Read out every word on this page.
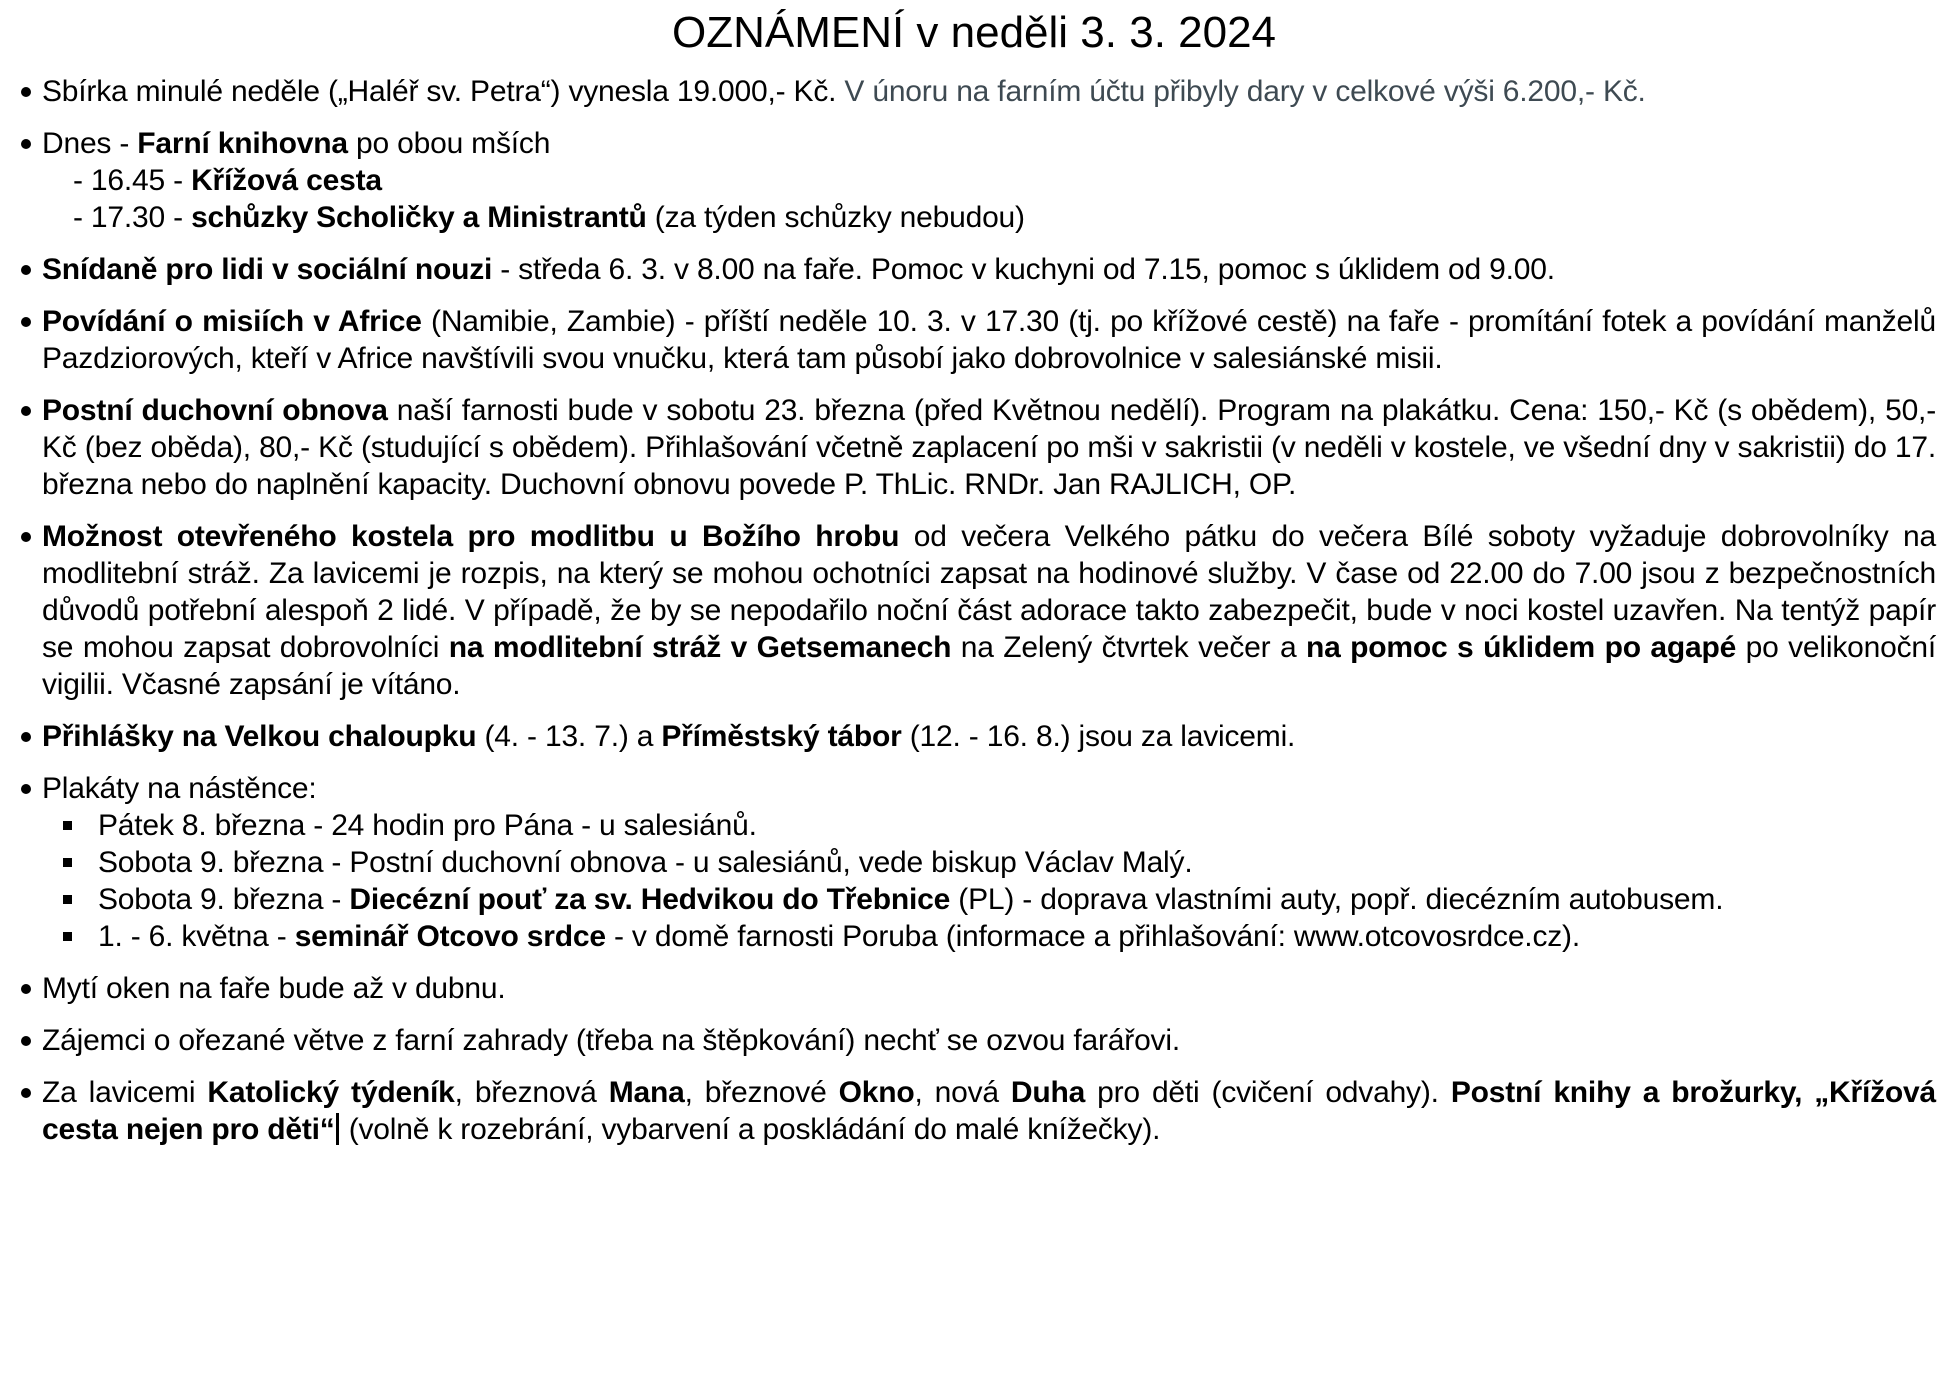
OZNÁMENÍ v neděli 3. 3. 2024

Sbírka minulé neděle („Haléř sv. Petra“) vynesla 19.000,- Kč. V únoru na farním účtu přibyly dary v celkové výši 6.200,- Kč.

Dnes - Farní knihovna po obou mších

- 16.45 - Křížová cesta

- 17.30 - schůzky Scholičky a Ministrantů (za týden schůzky nebudou)

Snídaně pro lidi v sociální nouzi - středa 6. 3. v 8.00 na faře. Pomoc v kuchyni od 7.15, pomoc s úklidem od 9.00.

Povídání o misiích v Africe (Namibie, Zambie) - příští neděle 10. 3. v 17.30 (tj. po křížové cestě) na faře - promítání fotek a povídání manželů Pazdziorových, kteří v Africe navštívili svou vnučku, která tam působí jako dobrovolnice v salesiánské misii.

Postní duchovní obnova naší farnosti bude v sobotu 23. března (před Květnou nedělí). Program na plakátku. Cena: 150,- Kč (s obědem), 50,- Kč (bez oběda), 80,- Kč (studující s obědem). Přihlašování včetně zaplacení po mši v sakristii (v neděli v kostele, ve všední dny v sakristii) do 17. března nebo do naplnění kapacity. Duchovní obnovu povede P. ThLic. RNDr. Jan RAJLICH, OP.

Možnost otevřeného kostela pro modlitbu u Božího hrobu od večera Velkého pátku do večera Bílé soboty vyžaduje dobrovolníky na modlitební stráž. Za lavicemi je rozpis, na který se mohou ochotníci zapsat na hodinové služby. V čase od 22.00 do 7.00 jsou z bezpečnostních důvodů potřební alespoň 2 lidé. V případě, že by se nepodařilo noční část adorace takto zabezpečit, bude v noci kostel uzavřen. Na tentýž papír se mohou zapsat dobrovolníci na modlitební stráž v Getsemanech na Zelený čtvrtek večer a na pomoc s úklidem po agapé po velikonoční vigilii. Včasné zapsání je vítáno.

Přihlášky na Velkou chaloupku (4. - 13. 7.) a Příměstský tábor (12. - 16. 8.) jsou za lavicemi.

Plakáty na nástěnce:

Pátek 8. března - 24 hodin pro Pána - u salesiánů.

Sobota 9. března - Postní duchovní obnova - u salesiánů, vede biskup Václav Malý.

Sobota 9. března - Diecézní pouť za sv. Hedvikou do Třebnice (PL) - doprava vlastními auty, popř. diecézním autobusem.

1. - 6. května - seminář Otcovo srdce - v domě farnosti Poruba (informace a přihlašování: www.otcovosrdce.cz).

Mytí oken na faře bude až v dubnu.

Zájemci o ořezané větve z farní zahrady (třeba na štěpkování) nechť se ozvou farářovi.

Za lavicemi Katolický týdeník, březnová Mana, březnové Okno, nová Duha pro děti (cvičení odvahy). Postní knihy a brožurky, „Křížová cesta nejen pro děti“ (volně k rozebrání, vybarvení a poskládání do malé knížečky).
